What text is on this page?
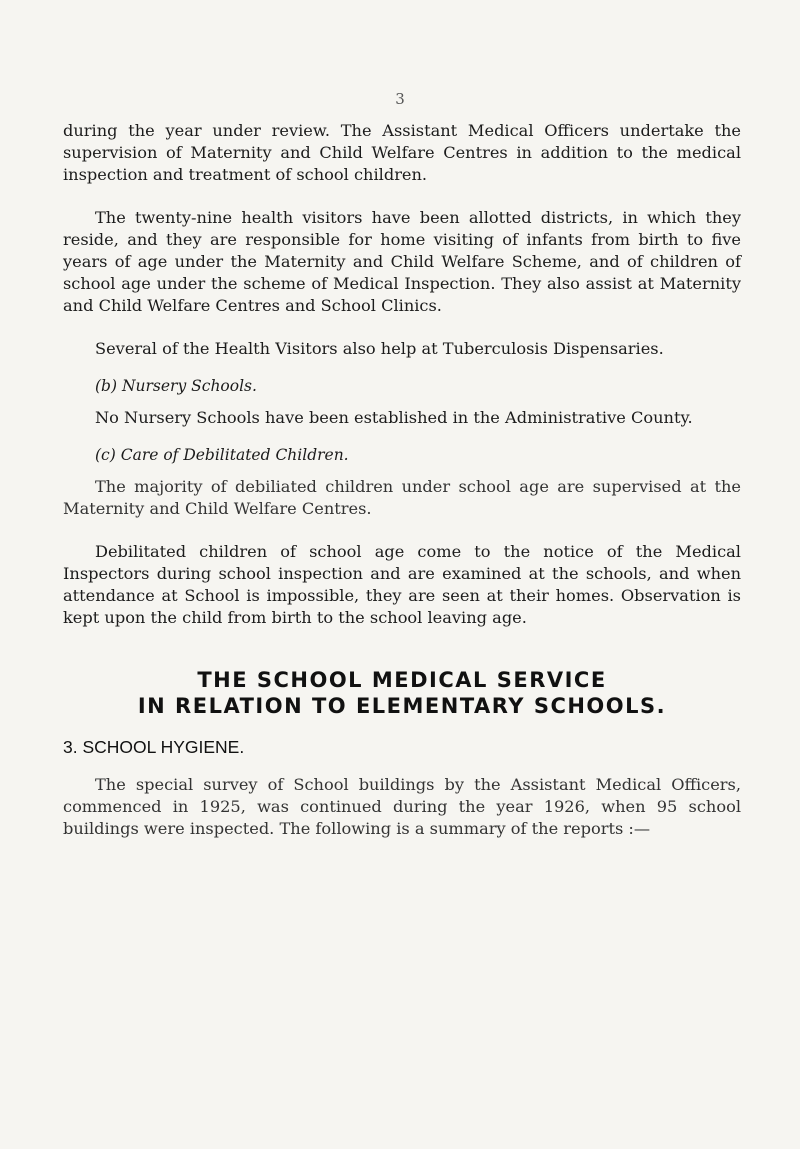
3

during the year under review. The Assistant Medical Officers undertake the supervision of Maternity and Child Welfare Centres in addition to the medical inspection and treatment of school children.

The twenty-nine health visitors have been allotted districts, in which they reside, and they are responsible for home visiting of infants from birth to five years of age under the Maternity and Child Welfare Scheme, and of children of school age under the scheme of Medical Inspection. They also assist at Maternity and Child Welfare Centres and School Clinics.

Several of the Health Visitors also help at Tuberculosis Dispensaries.

(b) Nursery Schools.

No Nursery Schools have been established in the Administrative County.

(c) Care of Debilitated Children.

The majority of debiliated children under school age are supervised at the Maternity and Child Welfare Centres.

Debilitated children of school age come to the notice of the Medical Inspectors during school inspection and are examined at the schools, and when attendance at School is impossible, they are seen at their homes. Observation is kept upon the child from birth to the school leaving age.

THE SCHOOL MEDICAL SERVICE
IN RELATION TO ELEMENTARY SCHOOLS.
3. SCHOOL HYGIENE.

The special survey of School buildings by the Assistant Medical Officers, commenced in 1925, was continued during the year 1926, when 95 school buildings were inspected. The following is a summary of the reports :—
